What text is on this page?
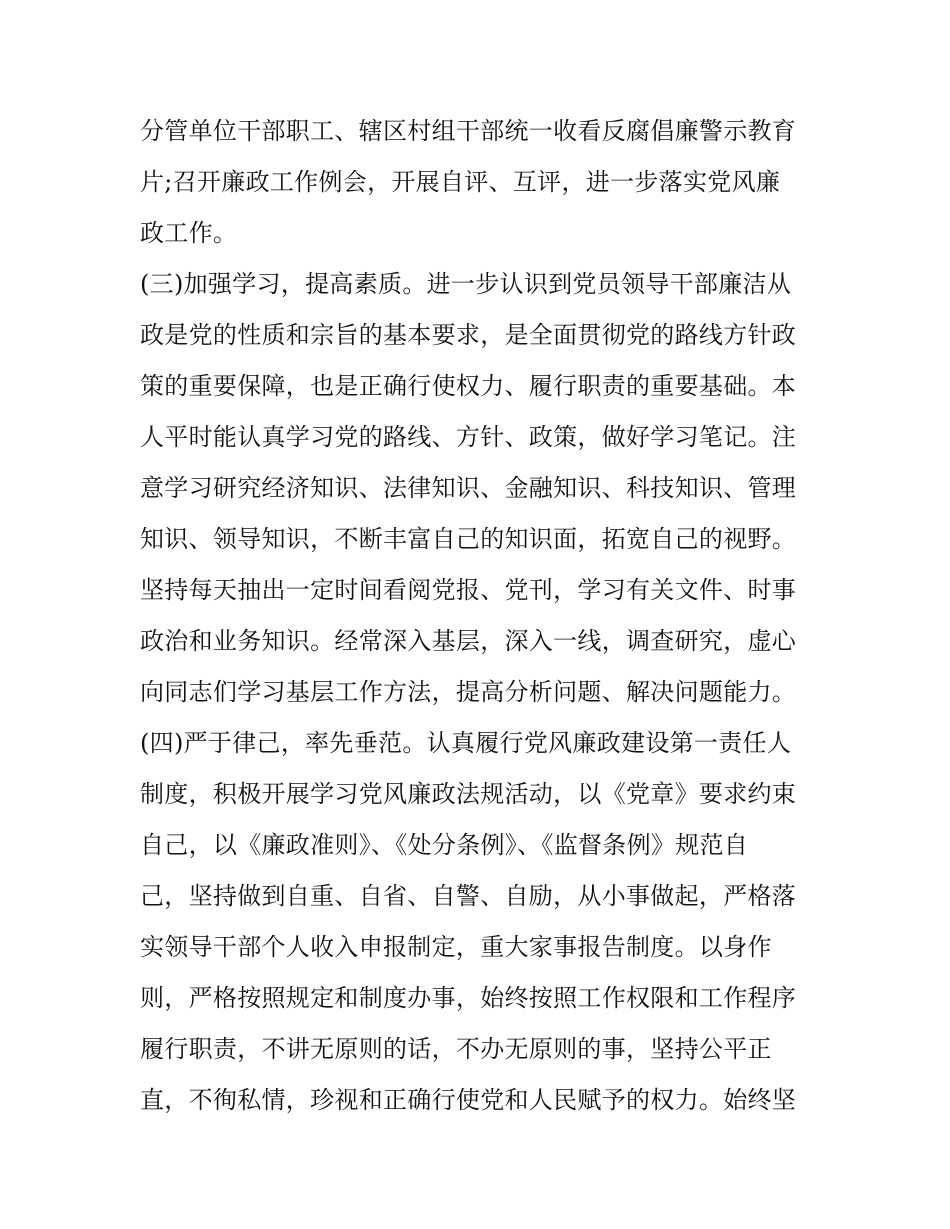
分管单位干部职工、辖区村组干部统一收看反腐倡廉警示教育
片;召开廉政工作例会，开展自评、互评，进一步落实党风廉
政工作。
(三)加强学习，提高素质。进一步认识到党员领导干部廉洁从
政是党的性质和宗旨的基本要求，是全面贯彻党的路线方针政
策的重要保障，也是正确行使权力、履行职责的重要基础。本
人平时能认真学习党的路线、方针、政策，做好学习笔记。注
意学习研究经济知识、法律知识、金融知识、科技知识、管理
知识、领导知识，不断丰富自己的知识面，拓宽自己的视野。
坚持每天抽出一定时间看阅党报、党刊，学习有关文件、时事
政治和业务知识。经常深入基层，深入一线，调查研究，虚心
向同志们学习基层工作方法，提高分析问题、解决问题能力。
(四)严于律己，率先垂范。认真履行党风廉政建设第一责任人
制度，积极开展学习党风廉政法规活动，以《党章》要求约束
自己，以《廉政准则》、《处分条例》、《监督条例》规范自
己，坚持做到自重、自省、自警、自励，从小事做起，严格落
实领导干部个人收入申报制定，重大家事报告制度。以身作
则，严格按照规定和制度办事，始终按照工作权限和工作程序
履行职责，不讲无原则的话，不办无原则的事，坚持公平正
直，不徇私情，珍视和正确行使党和人民赋予的权力。始终坚
